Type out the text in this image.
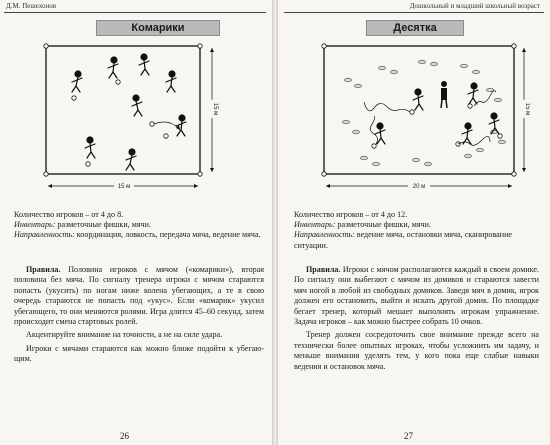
Д.М. Пешехонов
Комарики
15 м
15 м
Количество игроков – от 4 до 8.
Инвентарь: разметочные фишки, мячи.
Направленность: координация, ловкость, передача мяча, ведение мяча.

Правила. Половина игроков с мячом («комарики»), вторая половина без мяча. По сигналу тренера игроки с мячом стараются попасть (укусить) по ногам ниже колена убегающих, а те в свою очередь стараются не попасть под «укус». Если «комарик» укусил убегающего, то они меняются ролями. Игра длится 45–60 секунд, затем происходит смена стартовых ролей.

Акцентируйте внимание на точности, а не на силе удара.

Игроки с мячами стараются как можно ближе подойти к убегающим.

26
Дошкольный и младший школьный возраст
Десятка
20 м
15 м
Количество игроков – от 4 до 12.
Инвентарь: разметочные фишки, мячи.
Направленность: ведение мяча, остановки мяча, сканирование ситуации.

Правила. Игроки с мячом располагаются каждый в своем домике. По сигналу они выбегают с мячом из домиков и стараются завести мяч ногой в любой из свободных домиков. Заведя мяч в домик, игрок должен его остановить, выйти и искать другой домик. По площадке бегает тренер, который мешает выполнять игрокам упражнение. Задача игроков – как можно быстрее собрать 10 очков.

Тренер должен сосредоточить свое внимание прежде всего на технически более опытных игроках, чтобы усложнить им задачу, и меньше внимания уделять тем, у кого пока еще слабые навыки ведения и остановок мяча.

27
